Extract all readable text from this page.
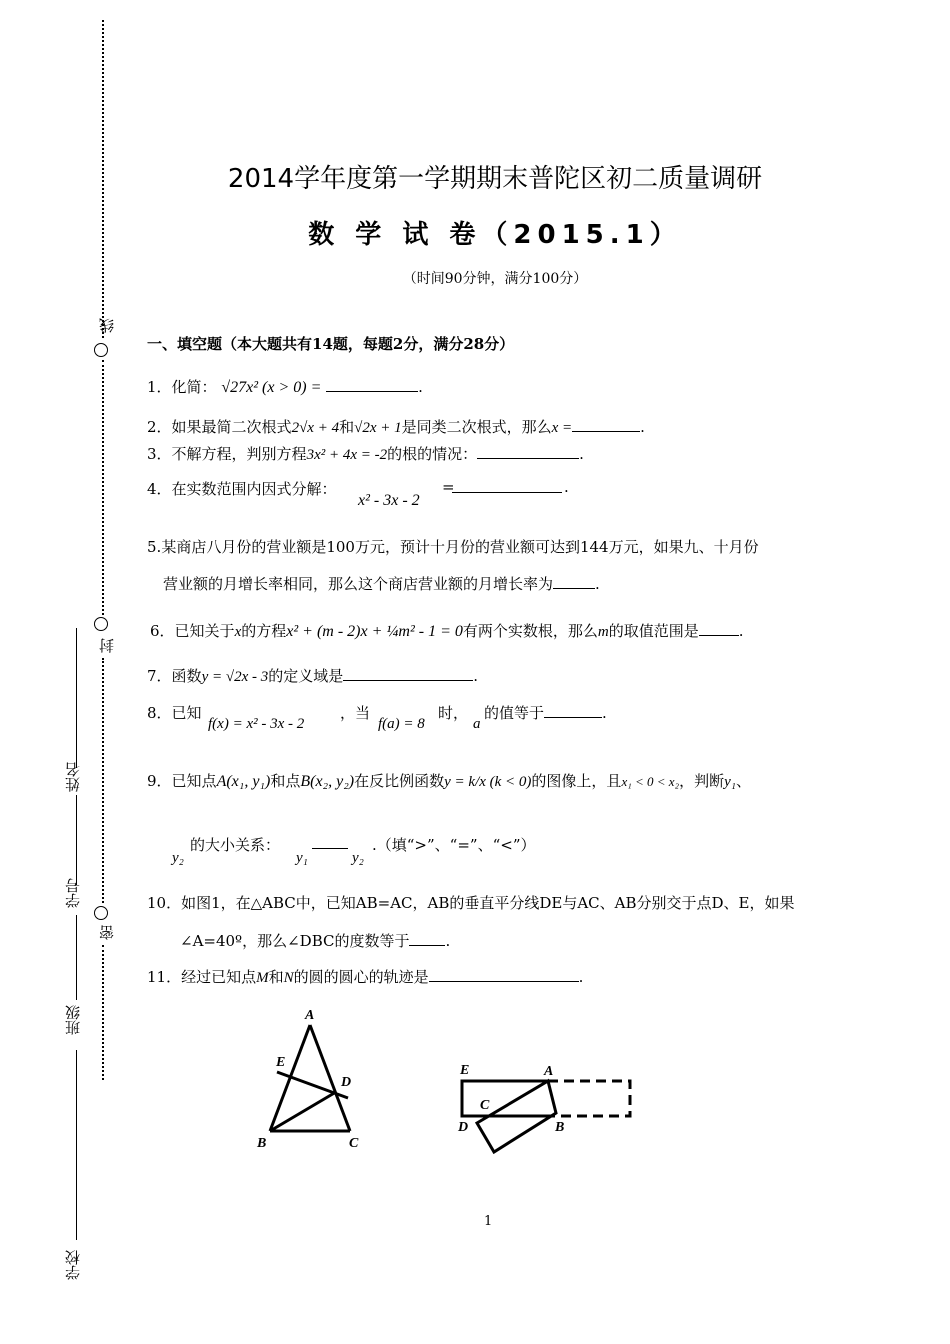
线
封
密
姓名
学号
班级
学校
2014学年度第一学期期末普陀区初二质量调研
数 学 试 卷（2015.1）
（时间90分钟，满分100分）
一、填空题（本大题共有14题，每题2分，满分28分）
1．化简： √27x² (x > 0) =	.
2．如果最简二次根式2√x + 4和√2x + 1是同类二次根式，那么x =	.
3．不解方程，判别方程3x² + 4x = -2的根的情况：	.
4．在实数范围内因式分解：
x² - 3x - 2
=	.
5.某商店八月份的营业额是100万元，预计十月份的营业额可达到144万元，如果九、十月份
营业额的月增长率相同，那么这个商店营业额的月增长率为	.
6．已知关于x的方程x² + (m - 2)x + ¼m² - 1 = 0有两个实数根，那么m的取值范围是	.
7．函数y = √2x - 3的定义域是	.
8．已知
f(x) = x² - 3x - 2
，当
f(a) = 8
时，
a
的值等于	.
9．已知点A(x₁, y₁)和点B(x₂, y₂)在反比例函数y = k/x (k < 0)的图像上，且x₁ < 0 < x₂，判断y₁、
y₂
的大小关系：
y₁	y₂
.（填“>”、“=”、“<”）
10．如图1，在△ABC中，已知AB=AC，AB的垂直平分线DE与AC、AB分别交于点D、E，如果
∠A=40º，那么∠DBC的度数等于 .
11．经过已知点M和N的圆的圆心的轨迹是	.
A
E
D
B	C
E	A
C
D	B
1
